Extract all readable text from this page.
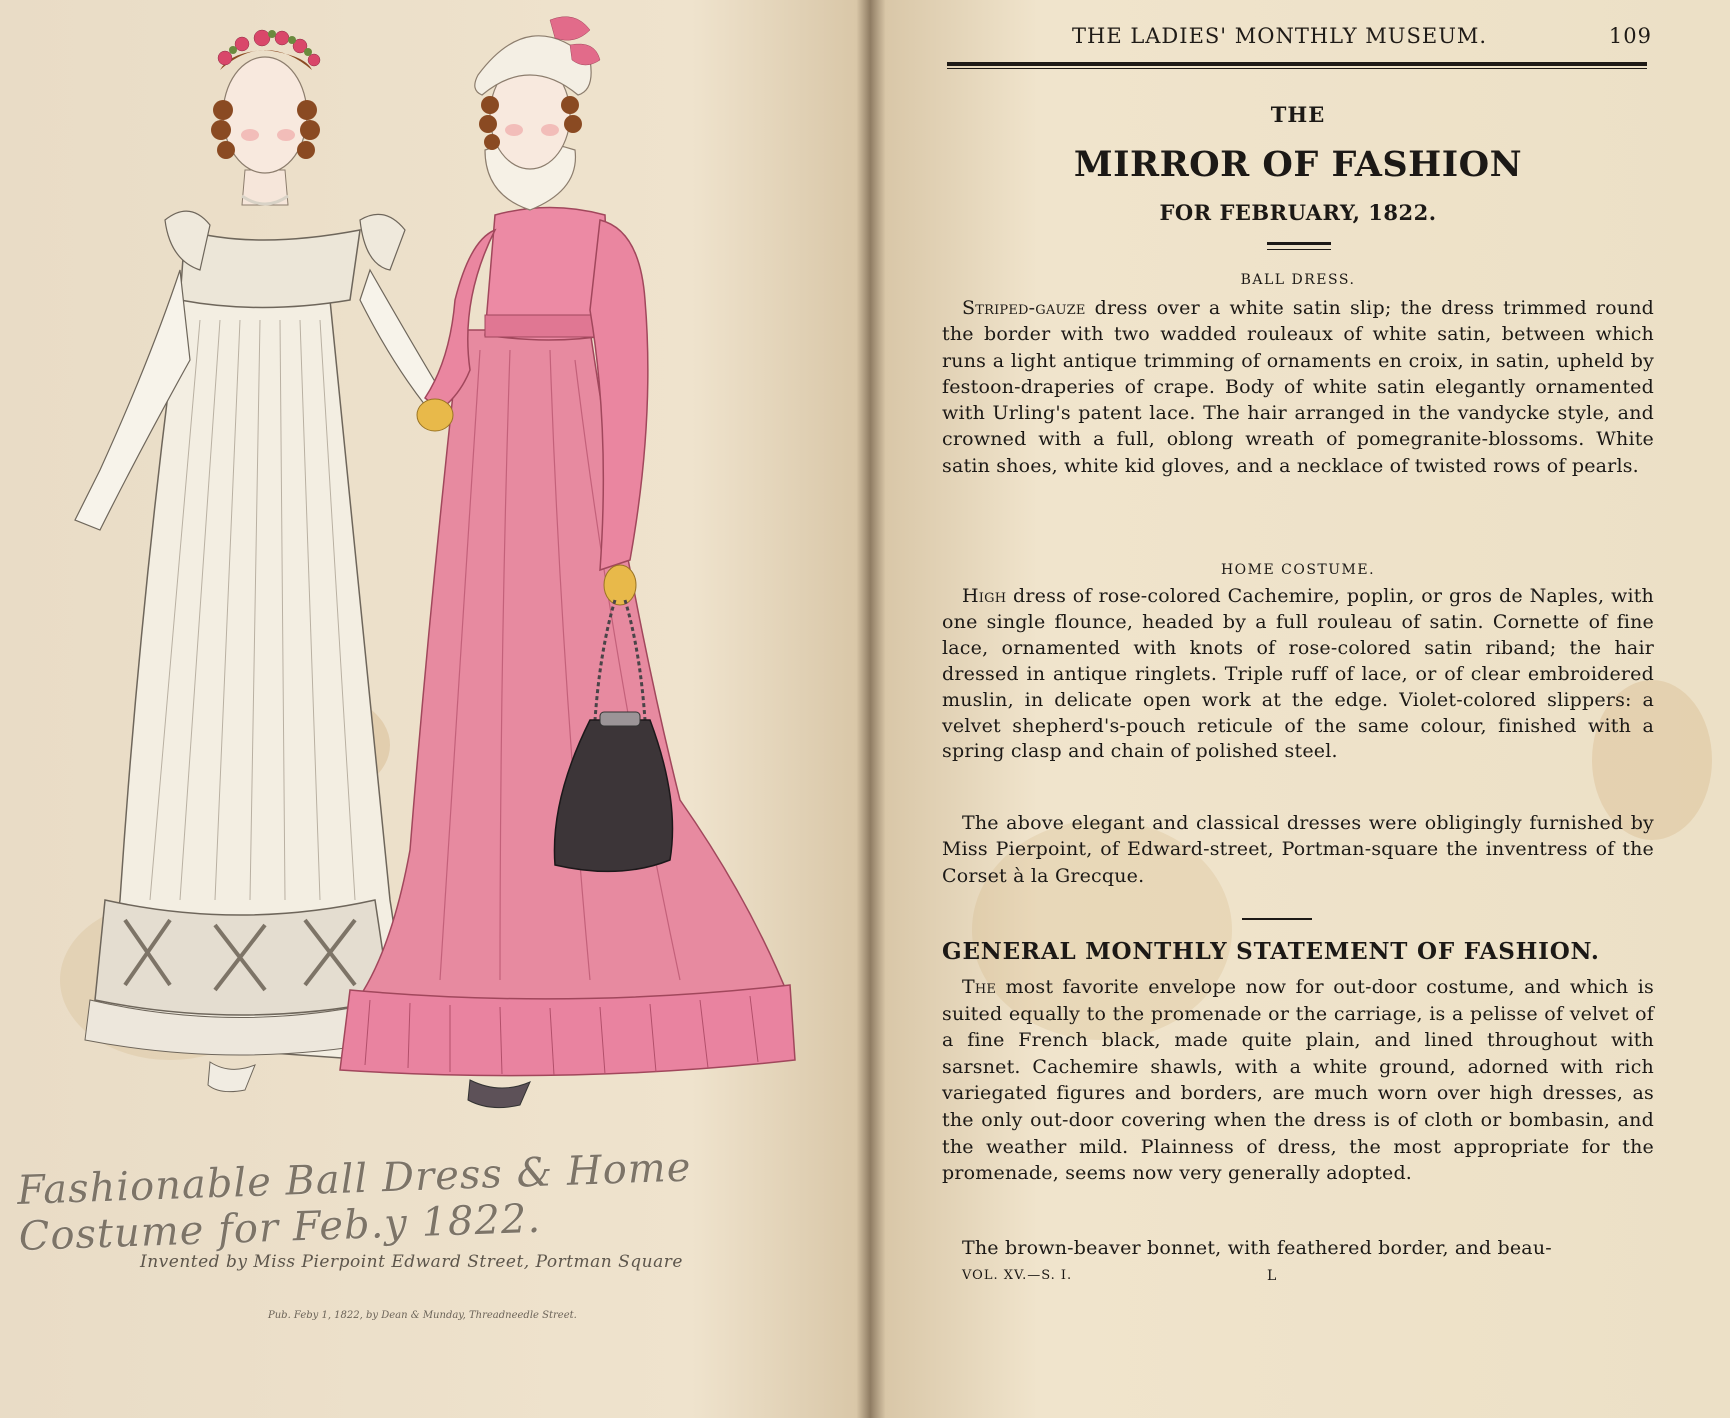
Fashionable Ball Dress & Home Costume for Feb.y 1822.
Invented by Miss Pierpoint Edward Street, Portman Square
Pub. Feby 1, 1822, by Dean & Munday, Threadneedle Street.
THE LADIES' MONTHLY MUSEUM.	109
THE
MIRROR OF FASHION
FOR FEBRUARY, 1822.
BALL DRESS.
Striped-gauze dress over a white satin slip; the dress trimmed round the border with two wadded rouleaux of white satin, between which runs a light antique trimming of ornaments en croix, in satin, upheld by festoon-draperies of crape. Body of white satin elegantly ornamented with Urling's patent lace. The hair arranged in the vandycke style, and crowned with a full, oblong wreath of pomegranite-blossoms. White satin shoes, white kid gloves, and a necklace of twisted rows of pearls.
HOME COSTUME.
High dress of rose-colored Cachemire, poplin, or gros de Naples, with one single flounce, headed by a full rouleau of satin. Cornette of fine lace, ornamented with knots of rose-colored satin riband; the hair dressed in antique ringlets. Triple ruff of lace, or of clear embroidered muslin, in delicate open work at the edge. Violet-colored slippers: a velvet shepherd's-pouch reticule of the same colour, finished with a spring clasp and chain of polished steel.
The above elegant and classical dresses were obligingly furnished by Miss Pierpoint, of Edward-street, Portman-square the inventress of the Corset à la Grecque.
GENERAL MONTHLY STATEMENT OF FASHION.
The most favorite envelope now for out-door costume, and which is suited equally to the promenade or the carriage, is a pelisse of velvet of a fine French black, made quite plain, and lined throughout with sarsnet. Cachemire shawls, with a white ground, adorned with rich variegated figures and borders, are much worn over high dresses, as the only out-door covering when the dress is of cloth or bombasin, and the weather mild. Plainness of dress, the most appropriate for the promenade, seems now very generally adopted.
The brown-beaver bonnet, with feathered border, and beau-
VOL. XV.—S. I.	L
